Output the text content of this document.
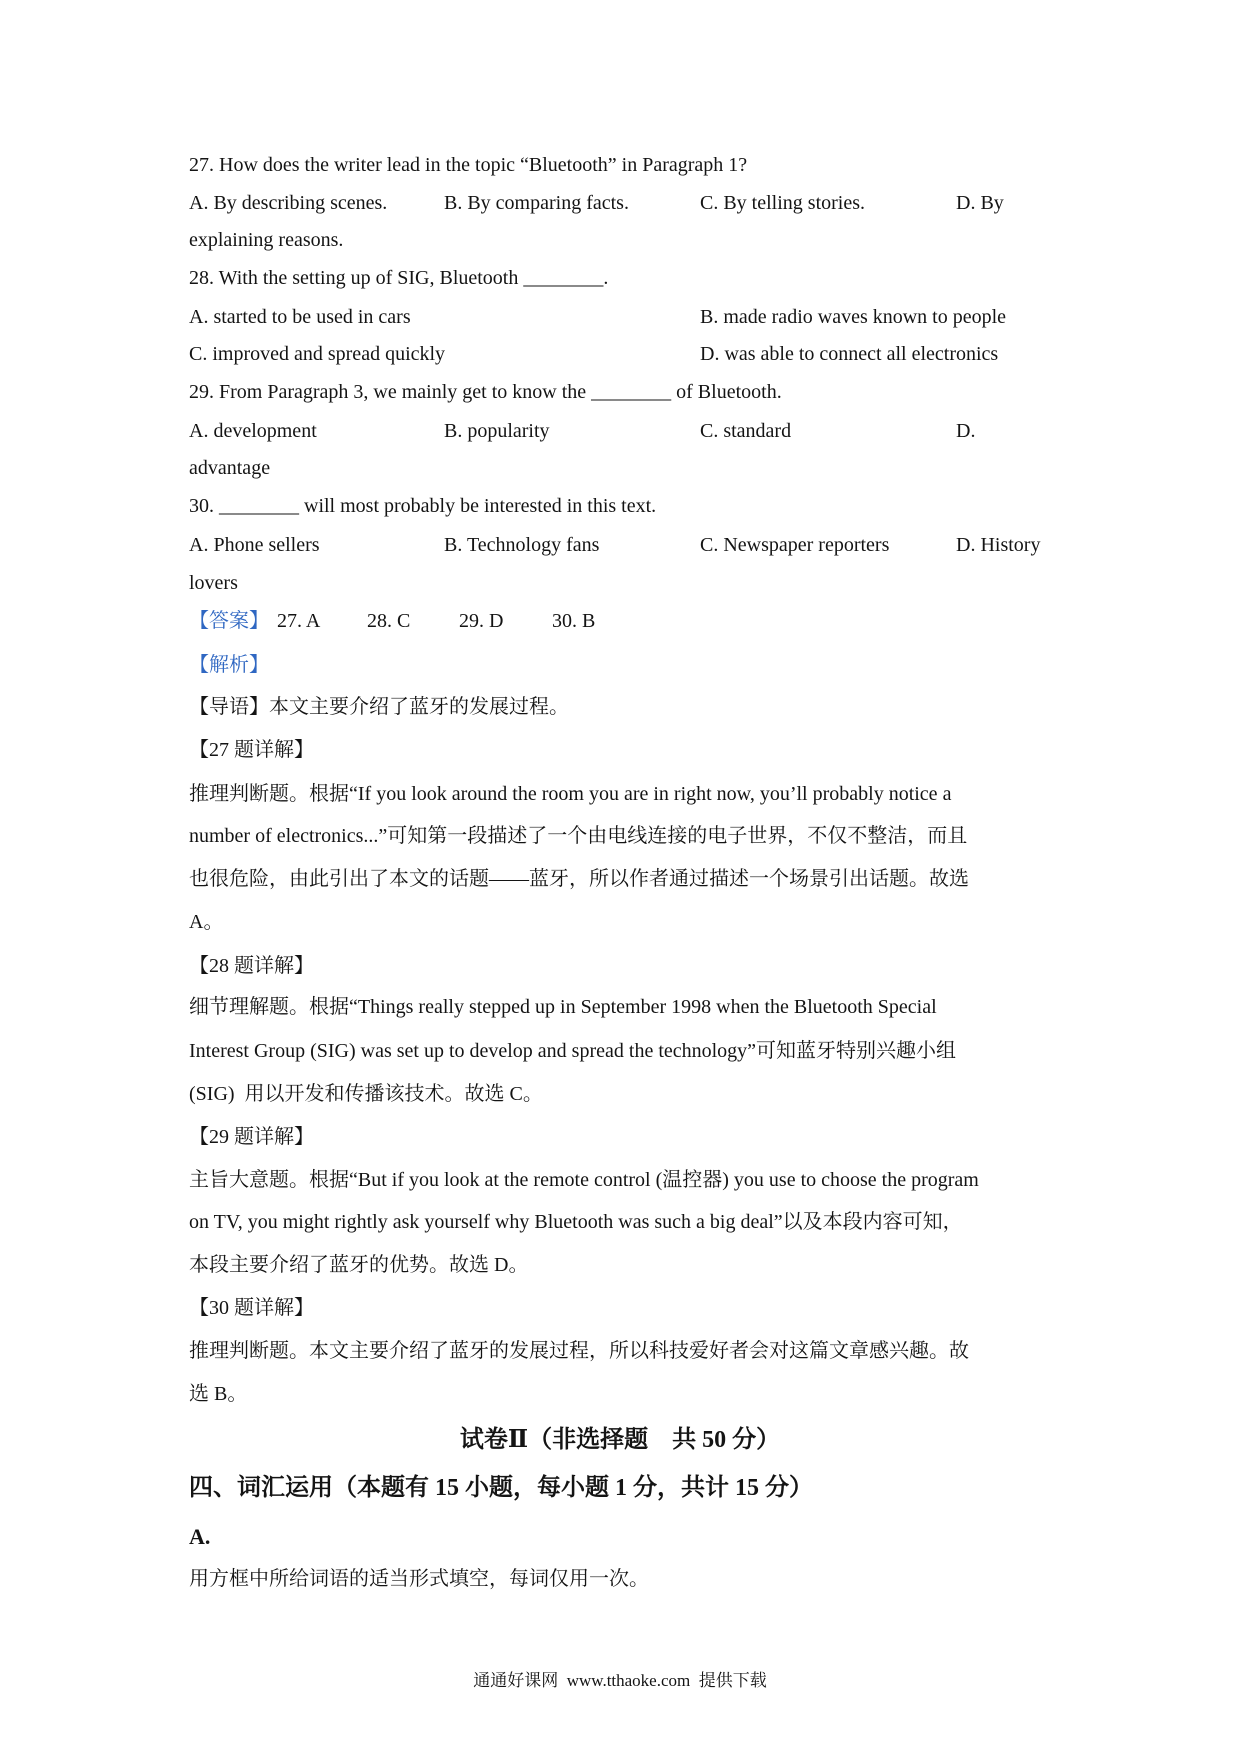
27. How does the writer lead in the topic “Bluetooth” in Paragraph 1?
A. By describing scenes.	B. By comparing facts.	C. By telling stories.	D. By
explaining reasons.
28. With the setting up of SIG, Bluetooth ________.
A. started to be used in cars	B. made radio waves known to people
C. improved and spread quickly	D. was able to connect all electronics
29. From Paragraph 3, we mainly get to know the ________ of Bluetooth.
A. development	B. popularity	C. standard	D.
advantage
30. ________ will most probably be interested in this text.
A. Phone sellers	B. Technology fans	C. Newspaper reporters	D. History
lovers
【答案】 27. A 28. C 29. D 30. B
【解析】
【导语】本文主要介绍了蓝牙的发展过程。
【27 题详解】
推理判断题。根据“If you look around the room you are in right now, you’ll probably notice a
number of electronics...”可知第一段描述了一个由电线连接的电子世界，不仅不整洁，而且
也很危险，由此引出了本文的话题——蓝牙，所以作者通过描述一个场景引出话题。故选
A。
【28 题详解】
细节理解题。根据“Things really stepped up in September 1998 when the Bluetooth Special
Interest Group (SIG) was set up to develop and spread the technology”可知蓝牙特别兴趣小组
(SIG)  用以开发和传播该技术。故选 C。
【29 题详解】
主旨大意题。根据“But if you look at the remote control (温控器) you use to choose the program
on TV, you might rightly ask yourself why Bluetooth was such a big deal”以及本段内容可知，
本段主要介绍了蓝牙的优势。故选 D。
【30 题详解】
推理判断题。本文主要介绍了蓝牙的发展过程，所以科技爱好者会对这篇文章感兴趣。故
选 B。
试卷Ⅱ（非选择题　共 50 分）
四、词汇运用（本题有 15 小题，每小题 1 分，共计 15 分）
A.
用方框中所给词语的适当形式填空，每词仅用一次。
通通好课网  www.tthaoke.com  提供下载
